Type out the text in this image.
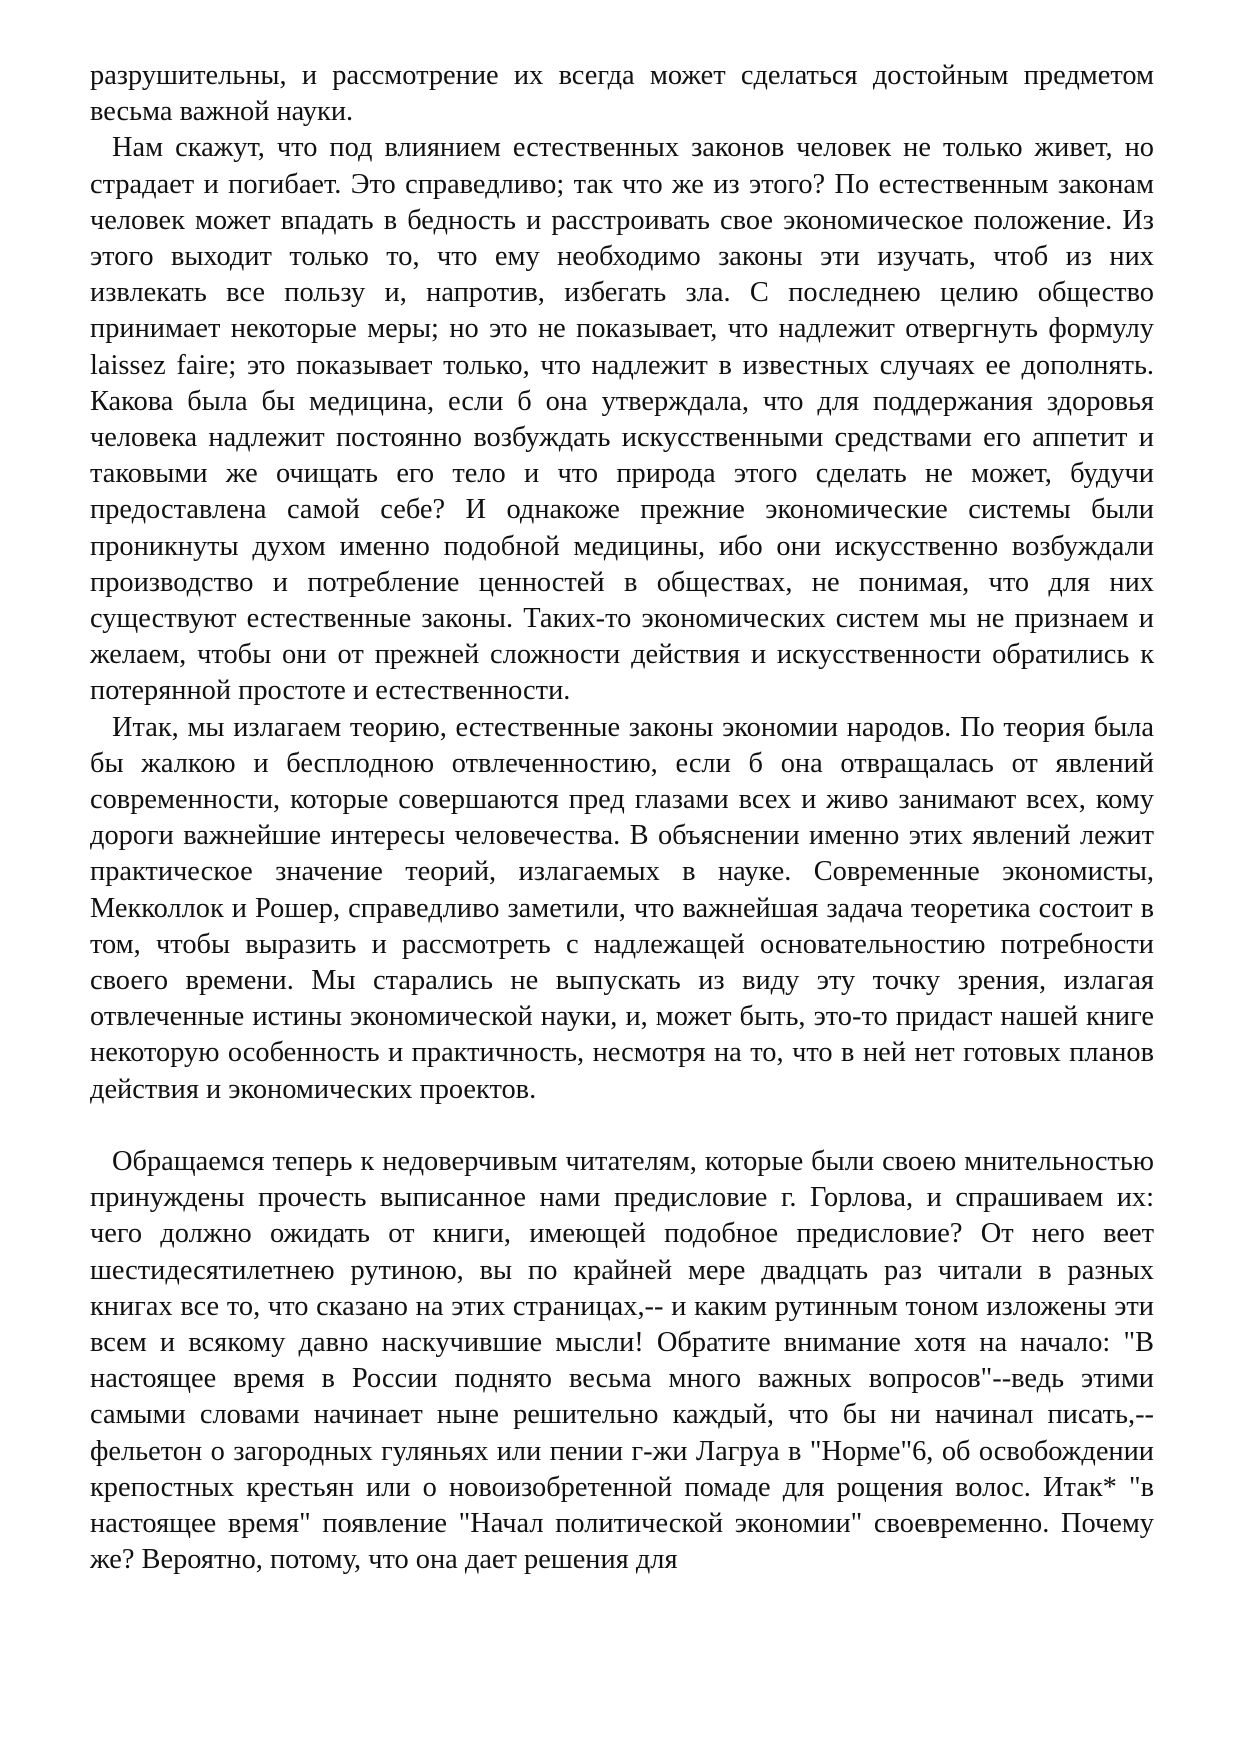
разрушительны, и рассмотрение их всегда может сделаться достойным предметом весьма важной науки.

Нам скажут, что под влиянием естественных законов человек не только живет, но страдает и погибает. Это справедливо; так что же из этого? По естественным законам человек может впадать в бедность и расстроивать свое экономическое положение. Из этого выходит только то, что ему необходимо законы эти изучать, чтоб из них извлекать все пользу и, напротив, избегать зла. С последнею целию общество принимает некоторые меры; но это не показывает, что надлежит отвергнуть формулу laissez faire; это показывает только, что надлежит в известных случаях ее дополнять. Какова была бы медицина, если б она утверждала, что для поддержания здоровья человека надлежит постоянно возбуждать искусственными средствами его аппетит и таковыми же очищать его тело и что природа этого сделать не может, будучи предоставлена самой себе? И однакоже прежние экономические системы были проникнуты духом именно подобной медицины, ибо они искусственно возбуждали производство и потребление ценностей в обществах, не понимая, что для них существуют естественные законы. Таких-то экономических систем мы не признаем и желаем, чтобы они от прежней сложности действия и искусственности обратились к потерянной простоте и естественности.

Итак, мы излагаем теорию, естественные законы экономии народов. По теория была бы жалкою и бесплодною отвлеченностию, если б она отвращалась от явлений современности, которые совершаются пред глазами всех и живо занимают всех, кому дороги важнейшие интересы человечества. В объяснении именно этих явлений лежит практическое значение теорий, излагаемых в науке. Современные экономисты, Мекколлок и Рошер, справедливо заметили, что важнейшая задача теоретика состоит в том, чтобы выразить и рассмотреть с надлежащей основательностию потребности своего времени. Мы старались не выпускать из виду эту точку зрения, излагая отвлеченные истины экономической науки, и, может быть, это-то придаст нашей книге некоторую особенность и практичность, несмотря на то, что в ней нет готовых планов действия и экономических проектов.

Обращаемся теперь к недоверчивым читателям, которые были своею мнительностью принуждены прочесть выписанное нами предисловие г. Горлова, и спрашиваем их: чего должно ожидать от книги, имеющей подобное предисловие? От него веет шестидесятилетнею рутиною, вы по крайней мере двадцать раз читали в разных книгах все то, что сказано на этих страницах,-- и каким рутинным тоном изложены эти всем и всякому давно наскучившие мысли! Обратите внимание хотя на начало: "В настоящее время в России поднято весьма много важных вопросов"--ведь этими самыми словами начинает ныне решительно каждый, что бы ни начинал писать,-- фельетон о загородных гуляньях или пении г-жи Лагруа в "Норме"6, об освобождении крепостных крестьян или о новоизобретенной помаде для рощения волос. Итак* "в настоящее время" появление "Начал политической экономии" своевременно. Почему же? Вероятно, потому, что она дает решения для
